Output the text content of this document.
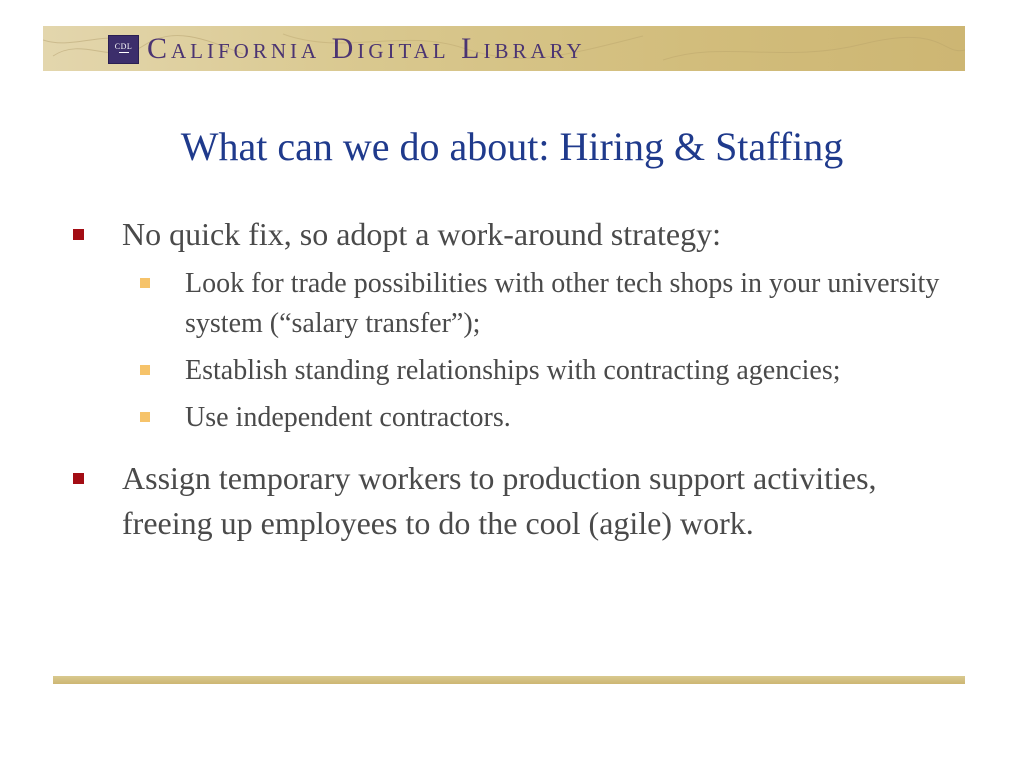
CDL California Digital Library
What can we do about: Hiring & Staffing
No quick fix, so adopt a work-around strategy:
Look for trade possibilities with other tech shops in your university system (“salary transfer”);
Establish standing relationships with contracting agencies;
Use independent contractors.
Assign temporary workers to production support activities, freeing up employees to do the cool (agile) work.
